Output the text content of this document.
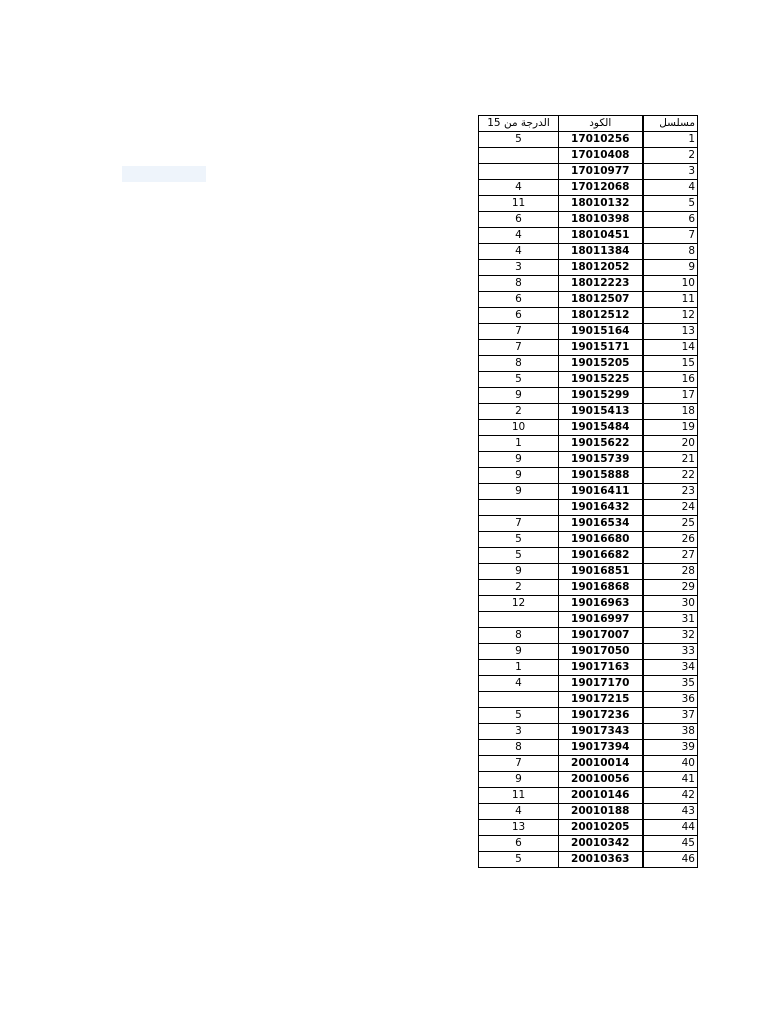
الدرجة من 15	الكود	مسلسل
5	17010256	1
	17010408	2
	17010977	3
4	17012068	4
11	18010132	5
6	18010398	6
4	18010451	7
4	18011384	8
3	18012052	9
8	18012223	10
6	18012507	11
6	18012512	12
7	19015164	13
7	19015171	14
8	19015205	15
5	19015225	16
9	19015299	17
2	19015413	18
10	19015484	19
1	19015622	20
9	19015739	21
9	19015888	22
9	19016411	23
	19016432	24
7	19016534	25
5	19016680	26
5	19016682	27
9	19016851	28
2	19016868	29
12	19016963	30
	19016997	31
8	19017007	32
9	19017050	33
1	19017163	34
4	19017170	35
	19017215	36
5	19017236	37
3	19017343	38
8	19017394	39
7	20010014	40
9	20010056	41
11	20010146	42
4	20010188	43
13	20010205	44
6	20010342	45
5	20010363	46
